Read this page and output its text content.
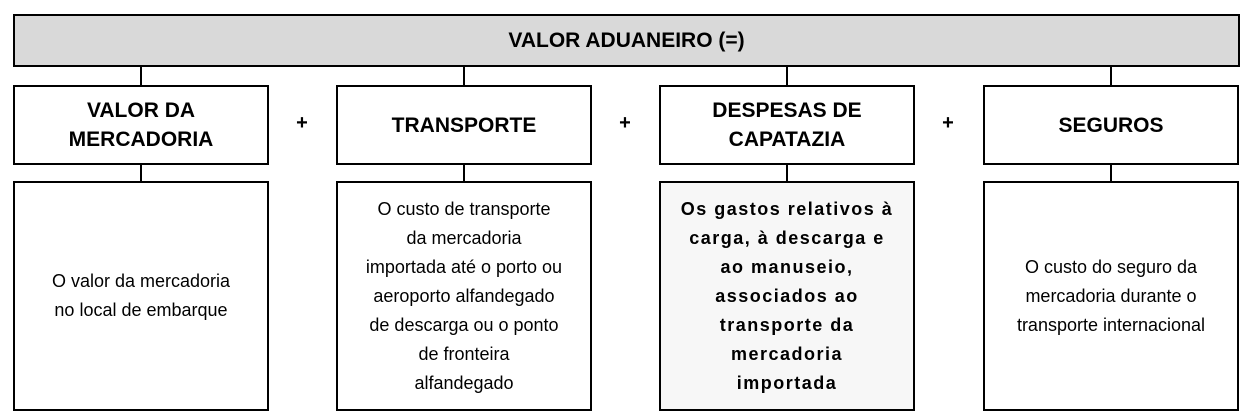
VALOR ADUANEIRO (=)
VALOR DA
MERCADORIA
+	TRANSPORTE	+
DESPESAS DE
CAPATAZIA
+	SEGUROS
O valor da mercadoria
no local de embarque
O custo de transporte
da mercadoria
importada até o porto ou
aeroporto alfandegado
de descarga ou o ponto
de fronteira
alfandegado
Os gastos relativos à
carga, à descarga e
ao manuseio,
associados ao
transporte da
mercadoria
importada
O custo do seguro da
mercadoria durante o
transporte internacional
